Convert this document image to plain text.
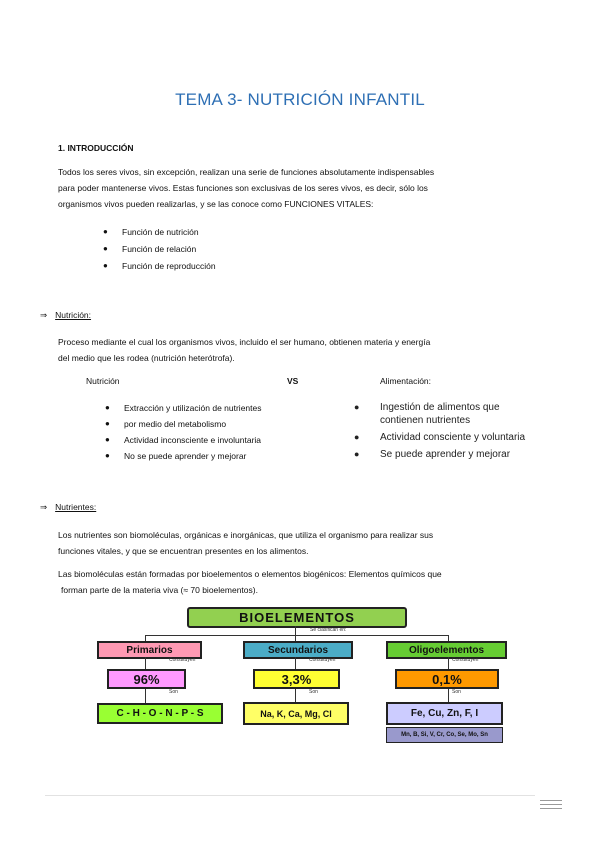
TEMA 3- NUTRICIÓN INFANTIL
1. INTRODUCCIÓN
Todos los seres vivos, sin excepción, realizan una serie de funciones absolutamente indispensables
para poder mantenerse vivos. Estas funciones son exclusivas de los seres vivos, es decir, sólo los
organismos vivos pueden realizarlas, y se las conoce como FUNCIONES VITALES:
● Función de nutrición
● Función de relación
● Función de reproducción
⇒ Nutrición:
Proceso mediante el cual los organismos vivos, incluido el ser humano, obtienen materia y energía
del medio que les rodea (nutrición heterótrofa).
Nutrición	VS	Alimentación:
● Extracción y utilización de nutrientes
● por medio del metabolismo
● Actividad inconsciente e involuntaria
● No se puede aprender y mejorar
● Ingestión de alimentos que
contienen nutrientes
● Actividad consciente y voluntaria
● Se puede aprender y mejorar
⇒ Nutrientes:
Los nutrientes son biomoléculas, orgánicas e inorgánicas, que utiliza el organismo para realizar sus
funciones vitales, y que se encuentran presentes en los alimentos.
Las biomoléculas están formadas por bioelementos o elementos biogénicos: Elementos químicos que
forman parte de la materia viva (≈ 70 bioelementos).
BIOELEMENTOS
Se clasifican en:
Primarios	Secundarios	Oligoelementos
Constituyen	Constituyen	Constituyen
96%	3,3%	0,1%
Son	Son	Son
C - H - O - N - P - S	Na, K, Ca, Mg, Cl	Fe, Cu, Zn, F, I
Mn, B, Si, V, Cr, Co, Se, Mo, Sn
